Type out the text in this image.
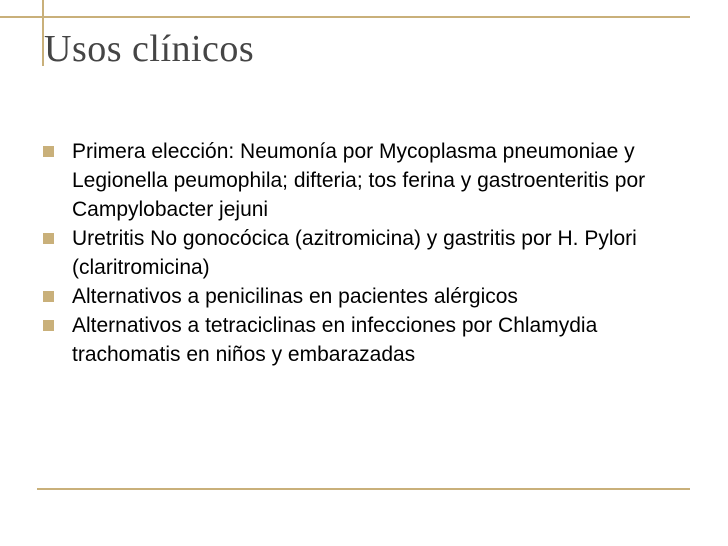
Usos clínicos
Primera elección: Neumonía por Mycoplasma pneumoniae y Legionella peumophila; difteria; tos ferina y gastroenteritis por Campylobacter jejuni
Uretritis No gonocócica (azitromicina) y gastritis por H. Pylori (claritromicina)
Alternativos a penicilinas en pacientes alérgicos
Alternativos a tetraciclinas en infecciones por Chlamydia trachomatis en niños y embarazadas
